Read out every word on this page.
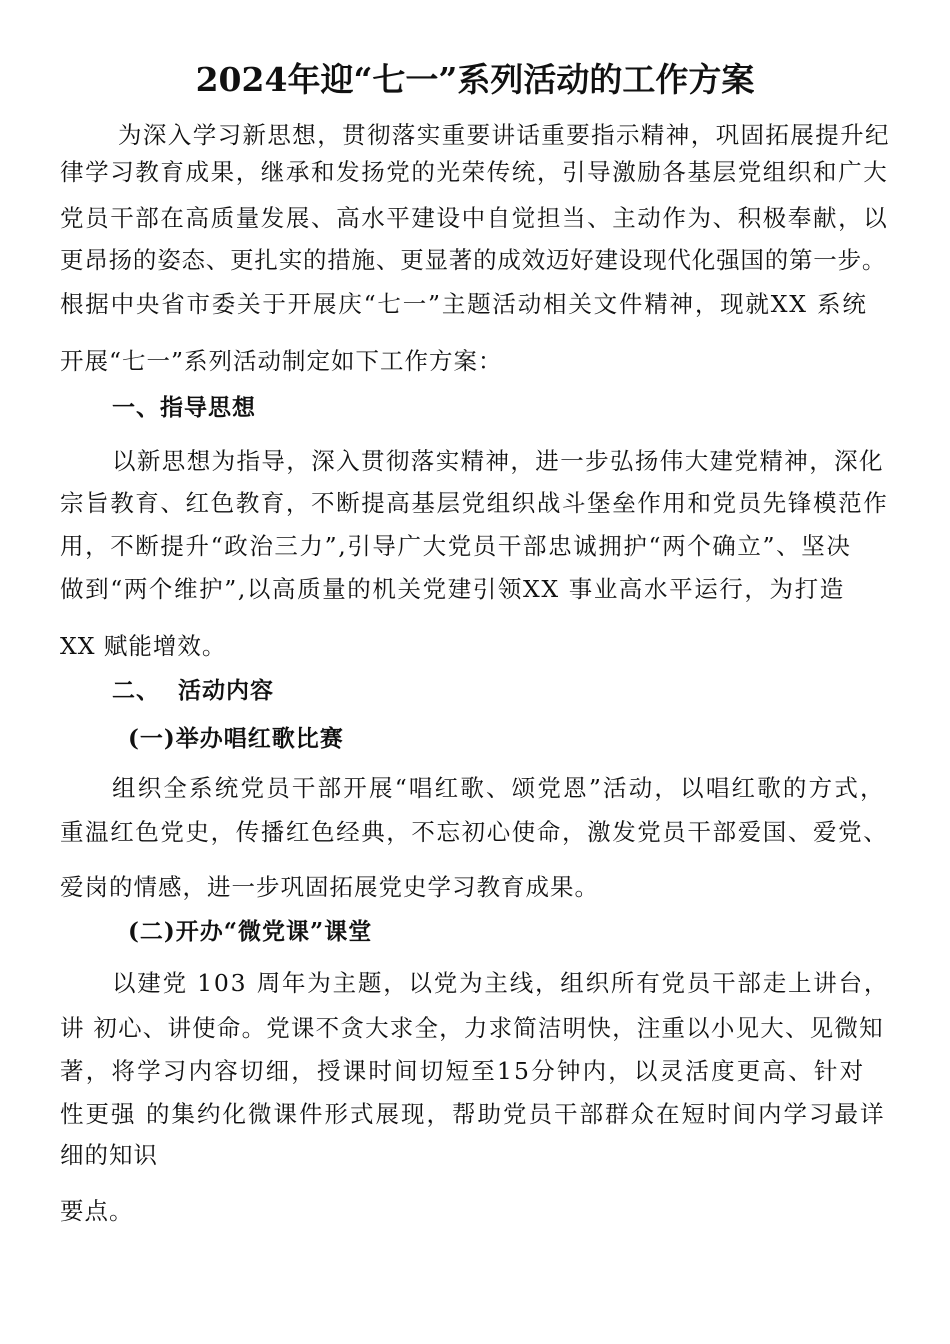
2024年迎“七一”系列活动的工作方案
为深入学习新思想，贯彻落实重要讲话重要指示精神，巩固拓展提升纪
律学习教育成果，继承和发扬党的光荣传统，引导激励各基层党组织和广大
党员干部在高质量发展、高水平建设中自觉担当、主动作为、积极奉献，以
更昂扬的姿态、更扎实的措施、更显著的成效迈好建设现代化强国的第一步。
根据中央省市委关于开展庆“七一”主题活动相关文件精神，现就XX 系统
开展“七一”系列活动制定如下工作方案：
一、指导思想
以新思想为指导，深入贯彻落实精神，进一步弘扬伟大建党精神，深化
宗旨教育、红色教育，不断提高基层党组织战斗堡垒作用和党员先锋模范作
用，不断提升“政治三力”,引导广大党员干部忠诚拥护“两个确立”、坚决
做到“两个维护”,以高质量的机关党建引领XX 事业高水平运行，为打造
XX 赋能增效。
二、  活动内容
(一)举办唱红歌比赛
组织全系统党员干部开展“唱红歌、颂党恩”活动，以唱红歌的方式，
重温红色党史，传播红色经典，不忘初心使命，激发党员干部爱国、爱党、
爱岗的情感，进一步巩固拓展党史学习教育成果。
(二)开办“微党课”课堂
以建党 103 周年为主题，以党为主线，组织所有党员干部走上讲台，
讲 初心、讲使命。党课不贪大求全，力求简洁明快，注重以小见大、见微知
著，将学习内容切细，授课时间切短至15分钟内，以灵活度更高、针对
性更强 的集约化微课件形式展现，帮助党员干部群众在短时间内学习最详
细的知识
要点。
